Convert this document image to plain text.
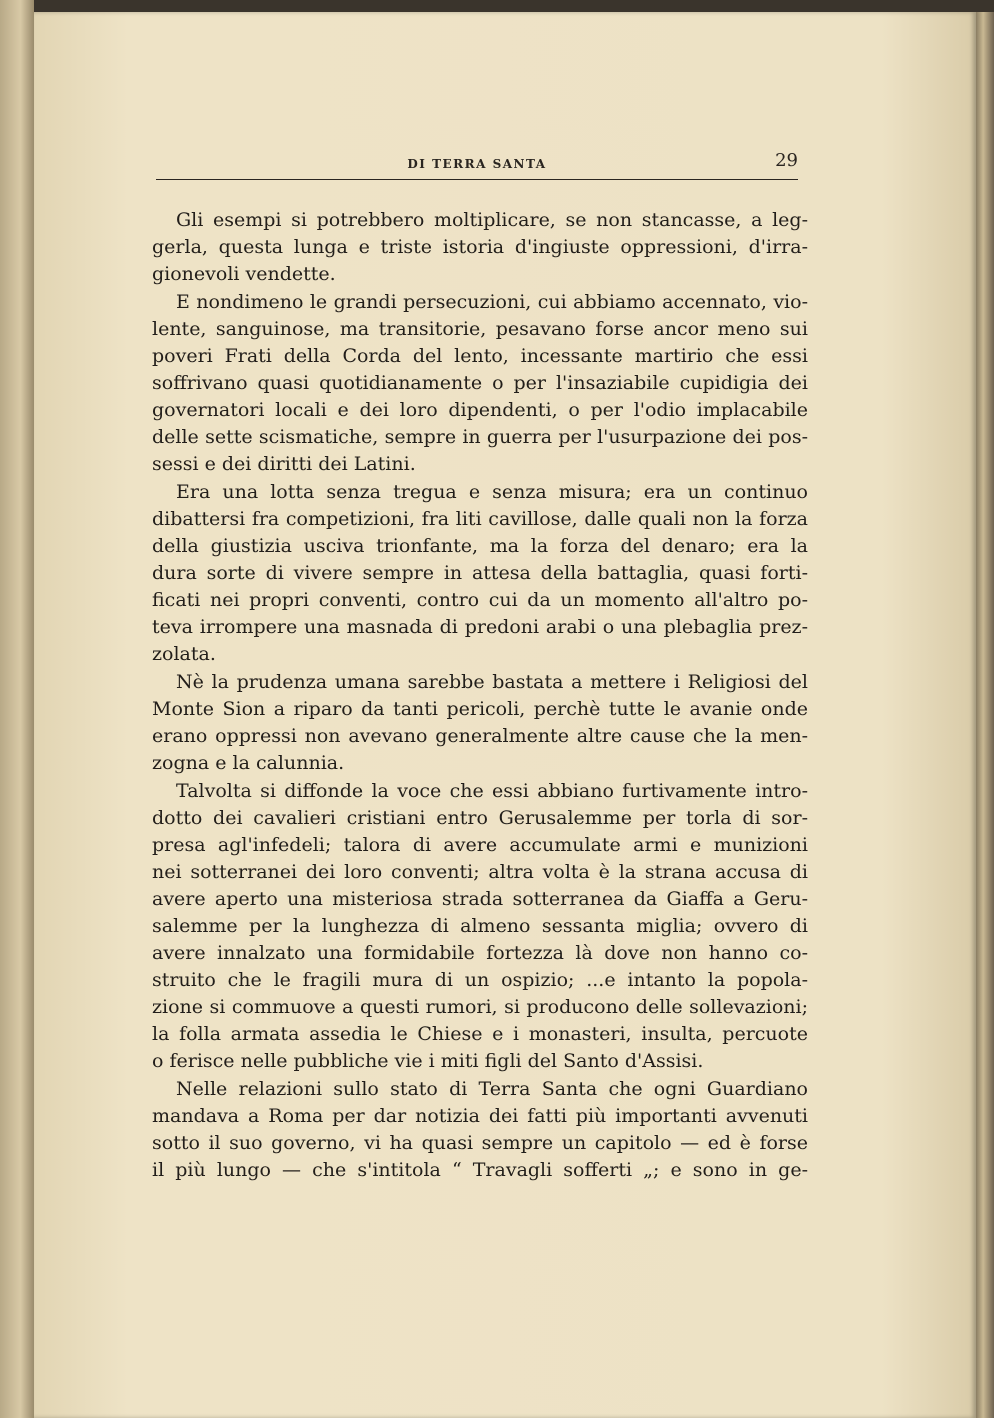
DI TERRA SANTA	29
Gli esempi si potrebbero moltiplicare, se non stancasse, a leg-
gerla, questa lunga e triste istoria d'ingiuste oppressioni, d'irra-
gionevoli vendette.
E nondimeno le grandi persecuzioni, cui abbiamo accennato, vio-
lente, sanguinose, ma transitorie, pesavano forse ancor meno sui
poveri Frati della Corda del lento, incessante martirio che essi
soffrivano quasi quotidianamente o per l'insaziabile cupidigia dei
governatori locali e dei loro dipendenti, o per l'odio implacabile
delle sette scismatiche, sempre in guerra per l'usurpazione dei pos-
sessi e dei diritti dei Latini.
Era una lotta senza tregua e senza misura; era un continuo
dibattersi fra competizioni, fra liti cavillose, dalle quali non la forza
della giustizia usciva trionfante, ma la forza del denaro; era la
dura sorte di vivere sempre in attesa della battaglia, quasi forti-
ficati nei propri conventi, contro cui da un momento all'altro po-
teva irrompere una masnada di predoni arabi o una plebaglia prez-
zolata.
Nè la prudenza umana sarebbe bastata a mettere i Religiosi del
Monte Sion a riparo da tanti pericoli, perchè tutte le avanie onde
erano oppressi non avevano generalmente altre cause che la men-
zogna e la calunnia.
Talvolta si diffonde la voce che essi abbiano furtivamente intro-
dotto dei cavalieri cristiani entro Gerusalemme per torla di sor-
presa agl'infedeli; talora di avere accumulate armi e munizioni
nei sotterranei dei loro conventi; altra volta è la strana accusa di
avere aperto una misteriosa strada sotterranea da Giaffa a Geru-
salemme per la lunghezza di almeno sessanta miglia; ovvero di
avere innalzato una formidabile fortezza là dove non hanno co-
struito che le fragili mura di un ospizio; ...e intanto la popola-
zione si commuove a questi rumori, si producono delle sollevazioni;
la folla armata assedia le Chiese e i monasteri, insulta, percuote
o ferisce nelle pubbliche vie i miti figli del Santo d'Assisi.
Nelle relazioni sullo stato di Terra Santa che ogni Guardiano
mandava a Roma per dar notizia dei fatti più importanti avvenuti
sotto il suo governo, vi ha quasi sempre un capitolo — ed è forse
il più lungo — che s'intitola “ Travagli sofferti „; e sono in ge-
